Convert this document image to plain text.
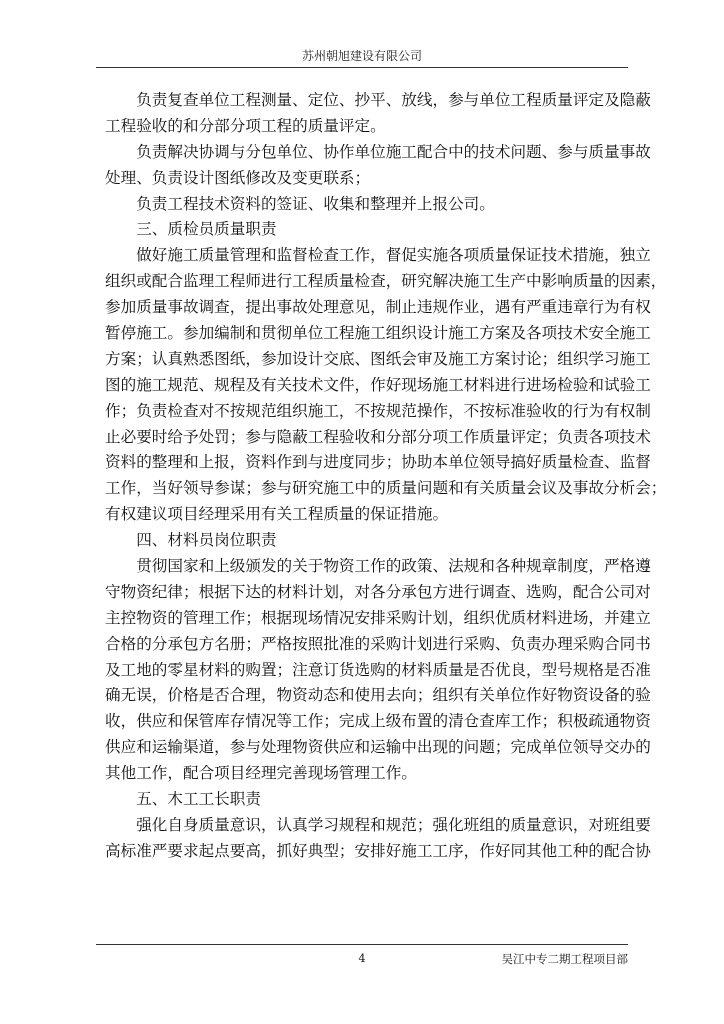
苏州朝旭建设有限公司
　　负责复查单位工程测量、定位、抄平、放线，参与单位工程质量评定及隐蔽
工程验收的和分部分项工程的质量评定。
　　负责解决协调与分包单位、协作单位施工配合中的技术问题、参与质量事故
处理、负责设计图纸修改及变更联系；
　　负责工程技术资料的签证、收集和整理并上报公司。
　　三、质检员质量职责
　　做好施工质量管理和监督检查工作，督促实施各项质量保证技术措施，独立
组织或配合监理工程师进行工程质量检查，研究解决施工生产中影响质量的因素，
参加质量事故调查，提出事故处理意见，制止违规作业，遇有严重违章行为有权
暂停施工。参加编制和贯彻单位工程施工组织设计施工方案及各项技术安全施工
方案；认真熟悉图纸，参加设计交底、图纸会审及施工方案讨论；组织学习施工
图的施工规范、规程及有关技术文件，作好现场施工材料进行进场检验和试验工
作；负责检查对不按规范组织施工，不按规范操作，不按标准验收的行为有权制
止必要时给予处罚；参与隐蔽工程验收和分部分项工作质量评定；负责各项技术
资料的整理和上报，资料作到与进度同步；协助本单位领导搞好质量检查、监督
工作，当好领导参谋；参与研究施工中的质量问题和有关质量会议及事故分析会；
有权建议项目经理采用有关工程质量的保证措施。
　　四、材料员岗位职责
　　贯彻国家和上级颁发的关于物资工作的政策、法规和各种规章制度，严格遵
守物资纪律；根据下达的材料计划，对各分承包方进行调查、选购，配合公司对
主控物资的管理工作；根据现场情况安排采购计划，组织优质材料进场，并建立
合格的分承包方名册；严格按照批准的采购计划进行采购、负责办理采购合同书
及工地的零星材料的购置；注意订货选购的材料质量是否优良，型号规格是否准
确无误，价格是否合理，物资动态和使用去向；组织有关单位作好物资设备的验
收，供应和保管库存情况等工作；完成上级布置的清仓查库工作；积极疏通物资
供应和运输渠道，参与处理物资供应和运输中出现的问题；完成单位领导交办的
其他工作，配合项目经理完善现场管理工作。
　　五、木工工长职责
　　强化自身质量意识，认真学习规程和规范；强化班组的质量意识，对班组要
高标准严要求起点要高，抓好典型；安排好施工工序，作好同其他工种的配合协
4	吴江中专二期工程项目部
